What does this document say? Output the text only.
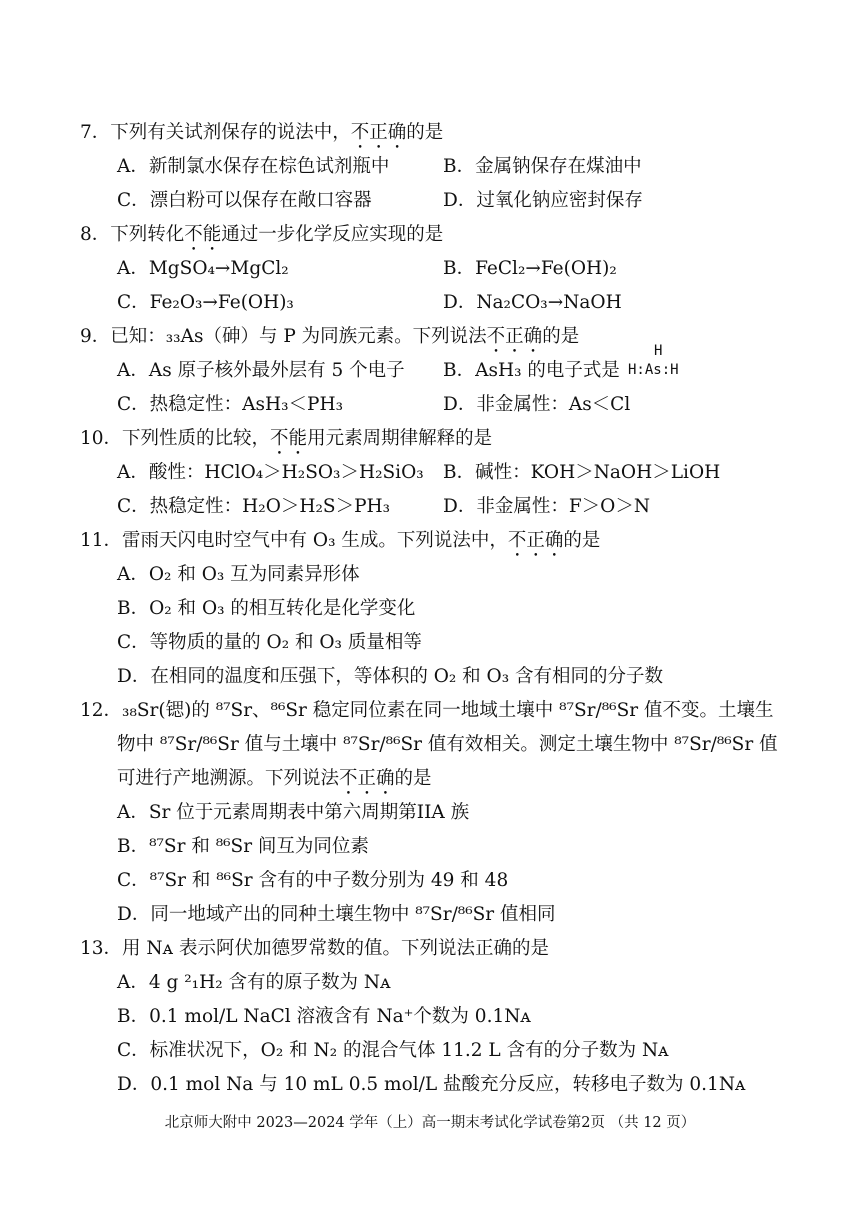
7．下列有关试剂保存的说法中，不正确的是
A．新制氯水保存在棕色试剂瓶中	B．金属钠保存在煤油中
C．漂白粉可以保存在敞口容器	D．过氧化钠应密封保存
8．下列转化不能通过一步化学反应实现的是
A．MgSO₄→MgCl₂	B．FeCl₂→Fe(OH)₂
C．Fe₂O₃→Fe(OH)₃	D．Na₂CO₃→NaOH
9．已知：₃₃As（砷）与 P 为同族元素。下列说法不正确的是
A．As 原子核外最外层有 5 个电子 B．AsH₃ 的电子式是
H
H:As:H
C．热稳定性：AsH₃＜PH₃	D．非金属性：As＜Cl
10．下列性质的比较，不能用元素周期律解释的是
A．酸性：HClO₄＞H₂SO₃＞H₂SiO₃ B．碱性：KOH＞NaOH＞LiOH
C．热稳定性：H₂O＞H₂S＞PH₃	D．非金属性：F＞O＞N
11．雷雨天闪电时空气中有 O₃ 生成。下列说法中，不正确的是
A．O₂ 和 O₃ 互为同素异形体
B．O₂ 和 O₃ 的相互转化是化学变化
C．等物质的量的 O₂ 和 O₃ 质量相等
D．在相同的温度和压强下，等体积的 O₂ 和 O₃ 含有相同的分子数
12．₃₈Sr(锶)的 ⁸⁷Sr、⁸⁶Sr 稳定同位素在同一地域土壤中 ⁸⁷Sr/⁸⁶Sr 值不变。土壤生
物中 ⁸⁷Sr/⁸⁶Sr 值与土壤中 ⁸⁷Sr/⁸⁶Sr 值有效相关。测定土壤生物中 ⁸⁷Sr/⁸⁶Sr 值
可进行产地溯源。下列说法不正确的是
A．Sr 位于元素周期表中第六周期第IIA 族
B．⁸⁷Sr 和 ⁸⁶Sr 间互为同位素
C．⁸⁷Sr 和 ⁸⁶Sr 含有的中子数分别为 49 和 48
D．同一地域产出的同种土壤生物中 ⁸⁷Sr/⁸⁶Sr 值相同
13．用 Nᴀ 表示阿伏加德罗常数的值。下列说法正确的是
A．4 g ²₁H₂ 含有的原子数为 Nᴀ
B．0.1 mol/L NaCl 溶液含有 Na⁺个数为 0.1Nᴀ
C．标准状况下，O₂ 和 N₂ 的混合气体 11.2 L 含有的分子数为 Nᴀ
D．0.1 mol Na 与 10 mL 0.5 mol/L 盐酸充分反应，转移电子数为 0.1Nᴀ
北京师大附中 2023—2024 学年（上）高一期末考试化学试卷第2页 （共 12 页）
